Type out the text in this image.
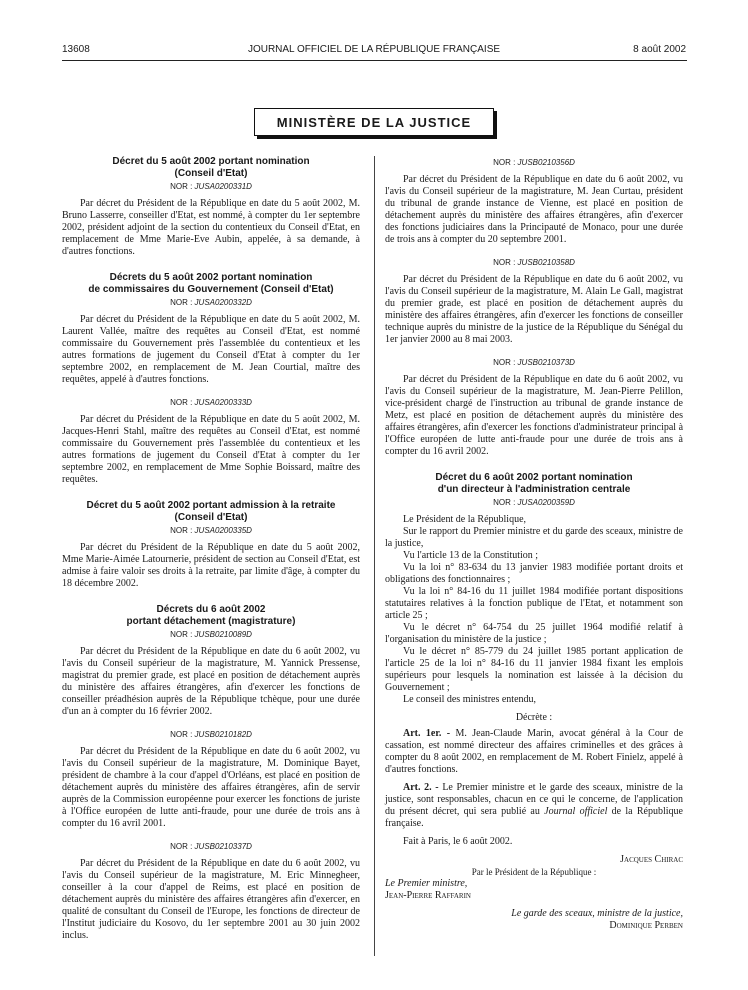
13608	JOURNAL OFFICIEL DE LA RÉPUBLIQUE FRANÇAISE	8 août 2002
MINISTÈRE DE LA JUSTICE

Décret du 5 août 2002 portant nomination
(Conseil d'Etat)

NOR : JUSA0200331D

Par décret du Président de la République en date du 5 août 2002, M. Bruno Lasserre, conseiller d'Etat, est nommé, à compter du 1er septembre 2002, président adjoint de la section du contentieux du Conseil d'Etat, en remplacement de Mme Marie-Eve Aubin, appelée, à sa demande, à d'autres fonctions.

Décrets du 5 août 2002 portant nomination
de commissaires du Gouvernement (Conseil d'Etat)

NOR : JUSA0200332D

Par décret du Président de la République en date du 5 août 2002, M. Laurent Vallée, maître des requêtes au Conseil d'Etat, est nommé commissaire du Gouvernement près l'assemblée du contentieux et les autres formations de jugement du Conseil d'Etat à compter du 1er septembre 2002, en remplacement de M. Jean Courtial, maître des requêtes, appelé à d'autres fonctions.

NOR : JUSA0200333D

Par décret du Président de la République en date du 5 août 2002, M. Jacques-Henri Stahl, maître des requêtes au Conseil d'Etat, est nommé commissaire du Gouvernement près l'assemblée du contentieux et les autres formations de jugement du Conseil d'Etat à compter du 1er septembre 2002, en remplacement de Mme Sophie Boissard, maître des requêtes.

Décret du 5 août 2002 portant admission à la retraite
(Conseil d'Etat)

NOR : JUSA0200335D

Par décret du Président de la République en date du 5 août 2002, Mme Marie-Aimée Latournerie, président de section au Conseil d'Etat, est admise à faire valoir ses droits à la retraite, par limite d'âge, à compter du 18 décembre 2002.

Décrets du 6 août 2002
portant détachement (magistrature)

NOR : JUSB0210089D

Par décret du Président de la République en date du 6 août 2002, vu l'avis du Conseil supérieur de la magistrature, M. Yannick Pressense, magistrat du premier grade, est placé en position de détachement auprès du ministère des affaires étrangères, afin d'exercer les fonctions de conseiller préadhésion auprès de la République tchèque, pour une durée d'un an à compter du 16 février 2002.

NOR : JUSB0210182D

Par décret du Président de la République en date du 6 août 2002, vu l'avis du Conseil supérieur de la magistrature, M. Dominique Bayet, président de chambre à la cour d'appel d'Orléans, est placé en position de détachement auprès du ministère des affaires étrangères, afin de servir auprès de la Commission européenne pour exercer les fonctions de juriste à l'Office européen de lutte anti-fraude, pour une durée de trois ans à compter du 16 avril 2001.

NOR : JUSB0210337D

Par décret du Président de la République en date du 6 août 2002, vu l'avis du Conseil supérieur de la magistrature, M. Eric Minnegheer, conseiller à la cour d'appel de Reims, est placé en position de détachement auprès du ministère des affaires étrangères afin d'exercer, en qualité de consultant du Conseil de l'Europe, les fonctions de directeur de l'Institut judiciaire du Kosovo, du 1er septembre 2001 au 30 juin 2002 inclus.

NOR : JUSB0210356D

Par décret du Président de la République en date du 6 août 2002, vu l'avis du Conseil supérieur de la magistrature, M. Jean Curtau, président du tribunal de grande instance de Vienne, est placé en position de détachement auprès du ministère des affaires étrangères, afin d'exercer des fonctions judiciaires dans la Principauté de Monaco, pour une durée de trois ans à compter du 20 septembre 2001.

NOR : JUSB0210358D

Par décret du Président de la République en date du 6 août 2002, vu l'avis du Conseil supérieur de la magistrature, M. Alain Le Gall, magistrat du premier grade, est placé en position de détachement auprès du ministère des affaires étrangères, afin d'exercer les fonctions de conseiller technique auprès du ministre de la justice de la République du Sénégal du 1er janvier 2000 au 8 mai 2003.

NOR : JUSB0210373D

Par décret du Président de la République en date du 6 août 2002, vu l'avis du Conseil supérieur de la magistrature, M. Jean-Pierre Pelillon, vice-président chargé de l'instruction au tribunal de grande instance de Metz, est placé en position de détachement auprès du ministère des affaires étrangères, afin d'exercer les fonctions d'administrateur principal à l'Office européen de lutte anti-fraude pour une durée de trois ans à compter du 16 avril 2002.

Décret du 6 août 2002 portant nomination
d'un directeur à l'administration centrale

NOR : JUSA0200359D

Le Président de la République,

Sur le rapport du Premier ministre et du garde des sceaux, ministre de la justice,

Vu l'article 13 de la Constitution ;

Vu la loi n° 83-634 du 13 janvier 1983 modifiée portant droits et obligations des fonctionnaires ;

Vu la loi n° 84-16 du 11 juillet 1984 modifiée portant dispositions statutaires relatives à la fonction publique de l'Etat, et notamment son article 25 ;

Vu le décret n° 64-754 du 25 juillet 1964 modifié relatif à l'organisation du ministère de la justice ;

Vu le décret n° 85-779 du 24 juillet 1985 portant application de l'article 25 de la loi n° 84-16 du 11 janvier 1984 fixant les emplois supérieurs pour lesquels la nomination est laissée à la décision du Gouvernement ;

Le conseil des ministres entendu,

Décrète :

Art. 1er. - M. Jean-Claude Marin, avocat général à la Cour de cassation, est nommé directeur des affaires criminelles et des grâces à compter du 8 août 2002, en remplacement de M. Robert Finielz, appelé à d'autres fonctions.

Art. 2. - Le Premier ministre et le garde des sceaux, ministre de la justice, sont responsables, chacun en ce qui le concerne, de l'application du présent décret, qui sera publié au Journal officiel de la République française.

Fait à Paris, le 6 août 2002.

Jacques Chirac

Par le Président de la République :

Le Premier ministre,

Jean-Pierre Raffarin

Le garde des sceaux, ministre de la justice,

Dominique Perben
